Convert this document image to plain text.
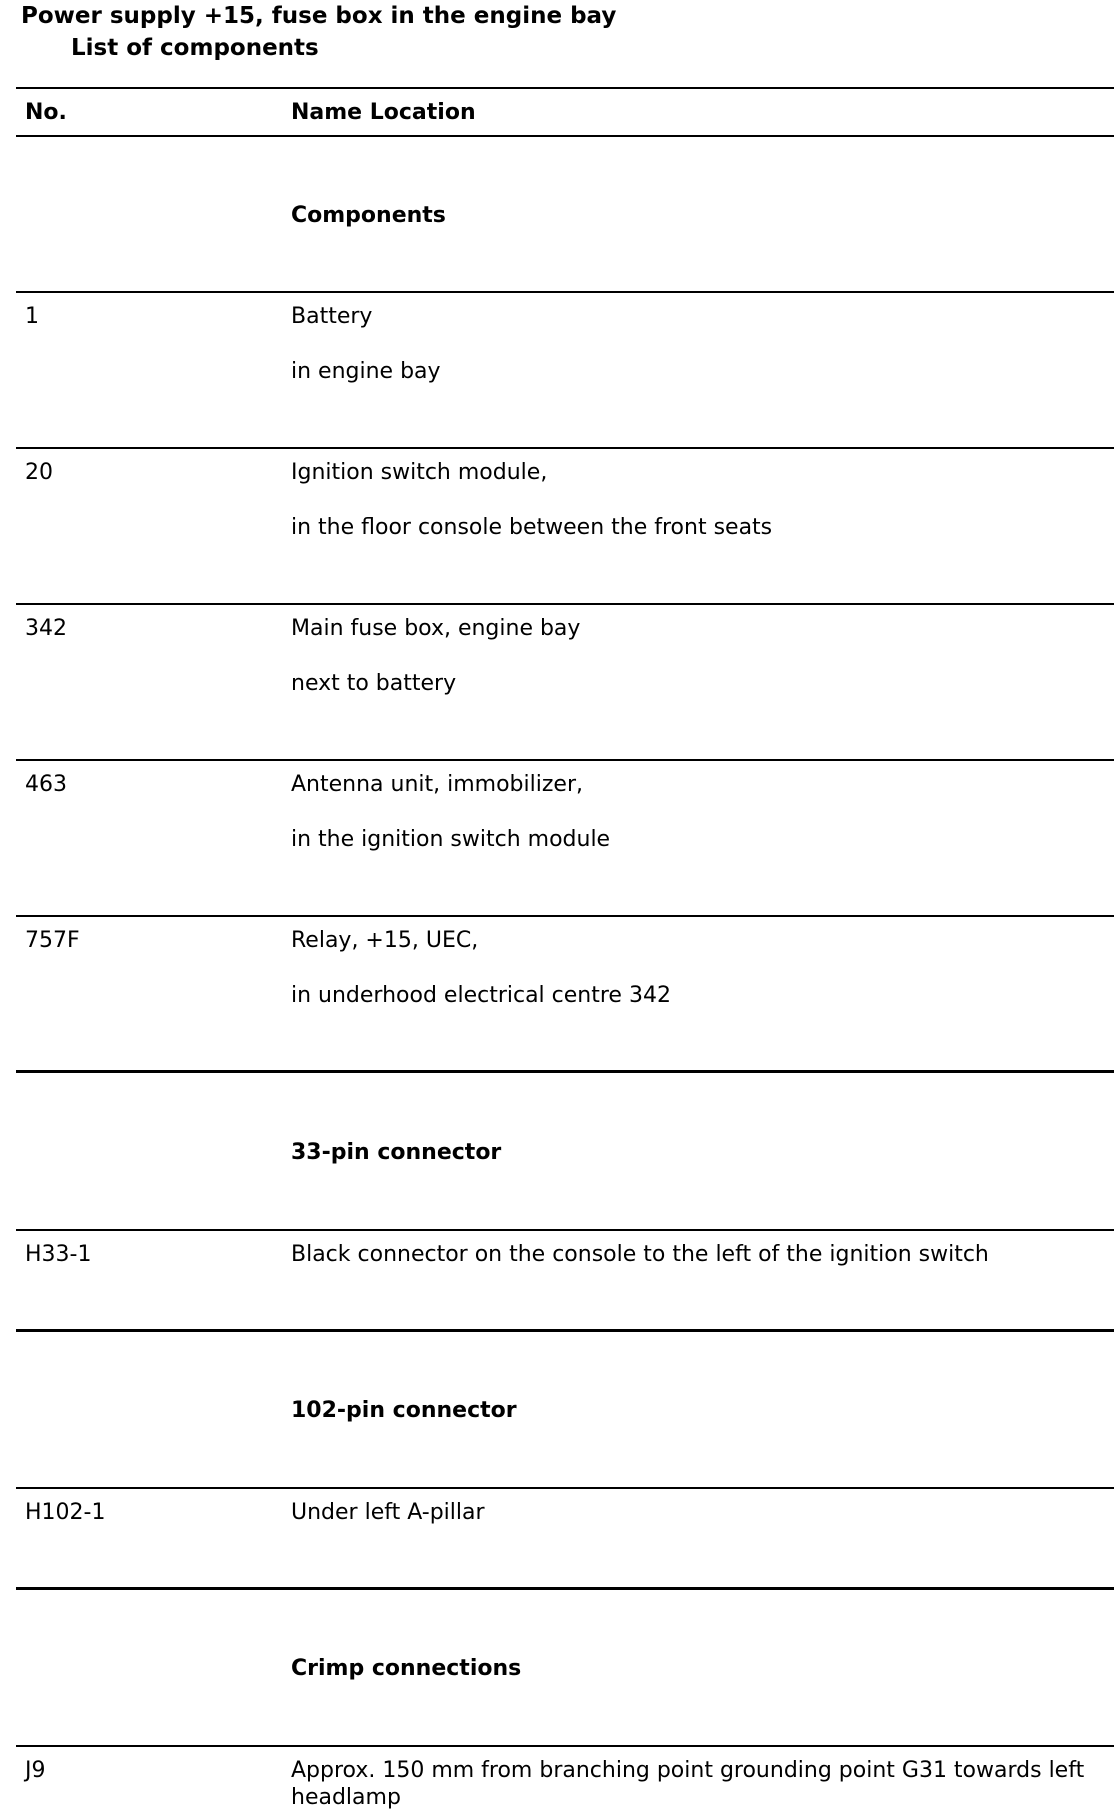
Power supply +15, fuse box in the engine bay
List of components
No.	Name Location
Components
1	Battery
in engine bay
20	Ignition switch module,
in the floor console between the front seats
342	Main fuse box, engine bay
next to battery
463	Antenna unit, immobilizer,
in the ignition switch module
757F	Relay, +15, UEC,
in underhood electrical centre 342
33-pin connector
H33-1	Black connector on the console to the left of the ignition switch
102-pin connector
H102-1	Under left A-pillar
Crimp connections
J9	Approx. 150 mm from branching point grounding point G31 towards left headlamp
